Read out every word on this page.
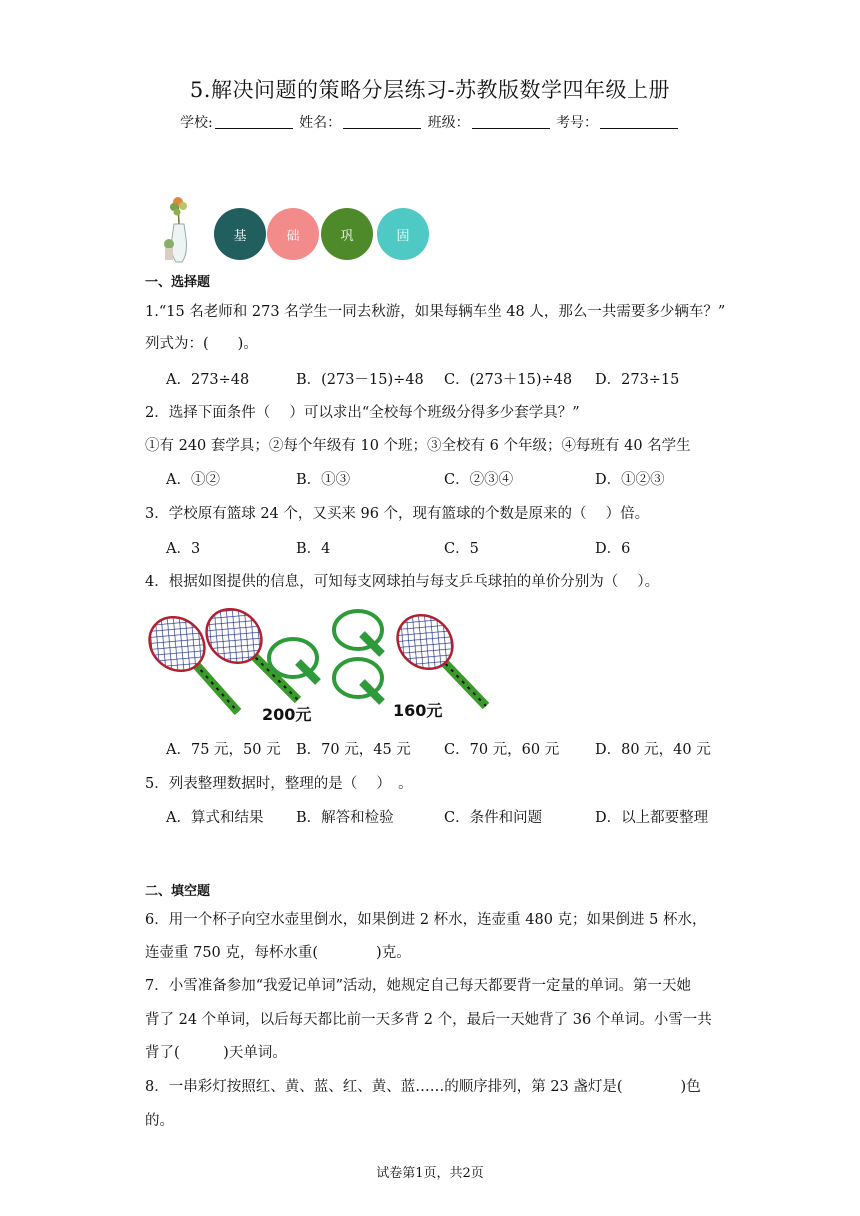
5.解决问题的策略分层练习-苏教版数学四年级上册
学校:	姓名：	班级：	考号：
基	础	巩	固
一、选择题
1.“15 名老师和 273 名学生一同去秋游，如果每辆车坐 48 人，那么一共需要多少辆车？”
列式为：(　　)。
A．273÷48	B．(273－15)÷48 C．(273＋15)÷48 D．273÷15
2．选择下面条件（　 ）可以求出“全校每个班级分得多少套学具？”
①有 240 套学具；②每个年级有 10 个班；③全校有 6 个年级；④每班有 40 名学生
A．①②	B．①③	C．②③④	D．①②③
3．学校原有篮球 24 个，又买来 96 个，现有篮球的个数是原来的（　 ）倍。
A．3	B．4	C．5	D．6
4．根据如图提供的信息，可知每支网球拍与每支乒乓球拍的单价分别为（　 ）。
200元	160元
A．75 元，50 元 B．70 元，45 元 C．70 元，60 元 D．80 元，40 元
5．列表整理数据时，整理的是（　 ）　。
A．算式和结果 B．解答和检验	C．条件和问题	D．以上都要整理
二、填空题
6．用一个杯子向空水壶里倒水，如果倒进 2 杯水，连壶重 480 克；如果倒进 5 杯水，
连壶重 750 克，每杯水重(　　　　)克。
7．小雪准备参加“我爱记单词”活动，她规定自己每天都要背一定量的单词。第一天她
背了 24 个单词，以后每天都比前一天多背 2 个，最后一天她背了 36 个单词。小雪一共
背了(　　　)天单词。
8．一串彩灯按照红、黄、蓝、红、黄、蓝……的顺序排列，第 23 盏灯是(　　　　)色
的。
试卷第1页，共2页
